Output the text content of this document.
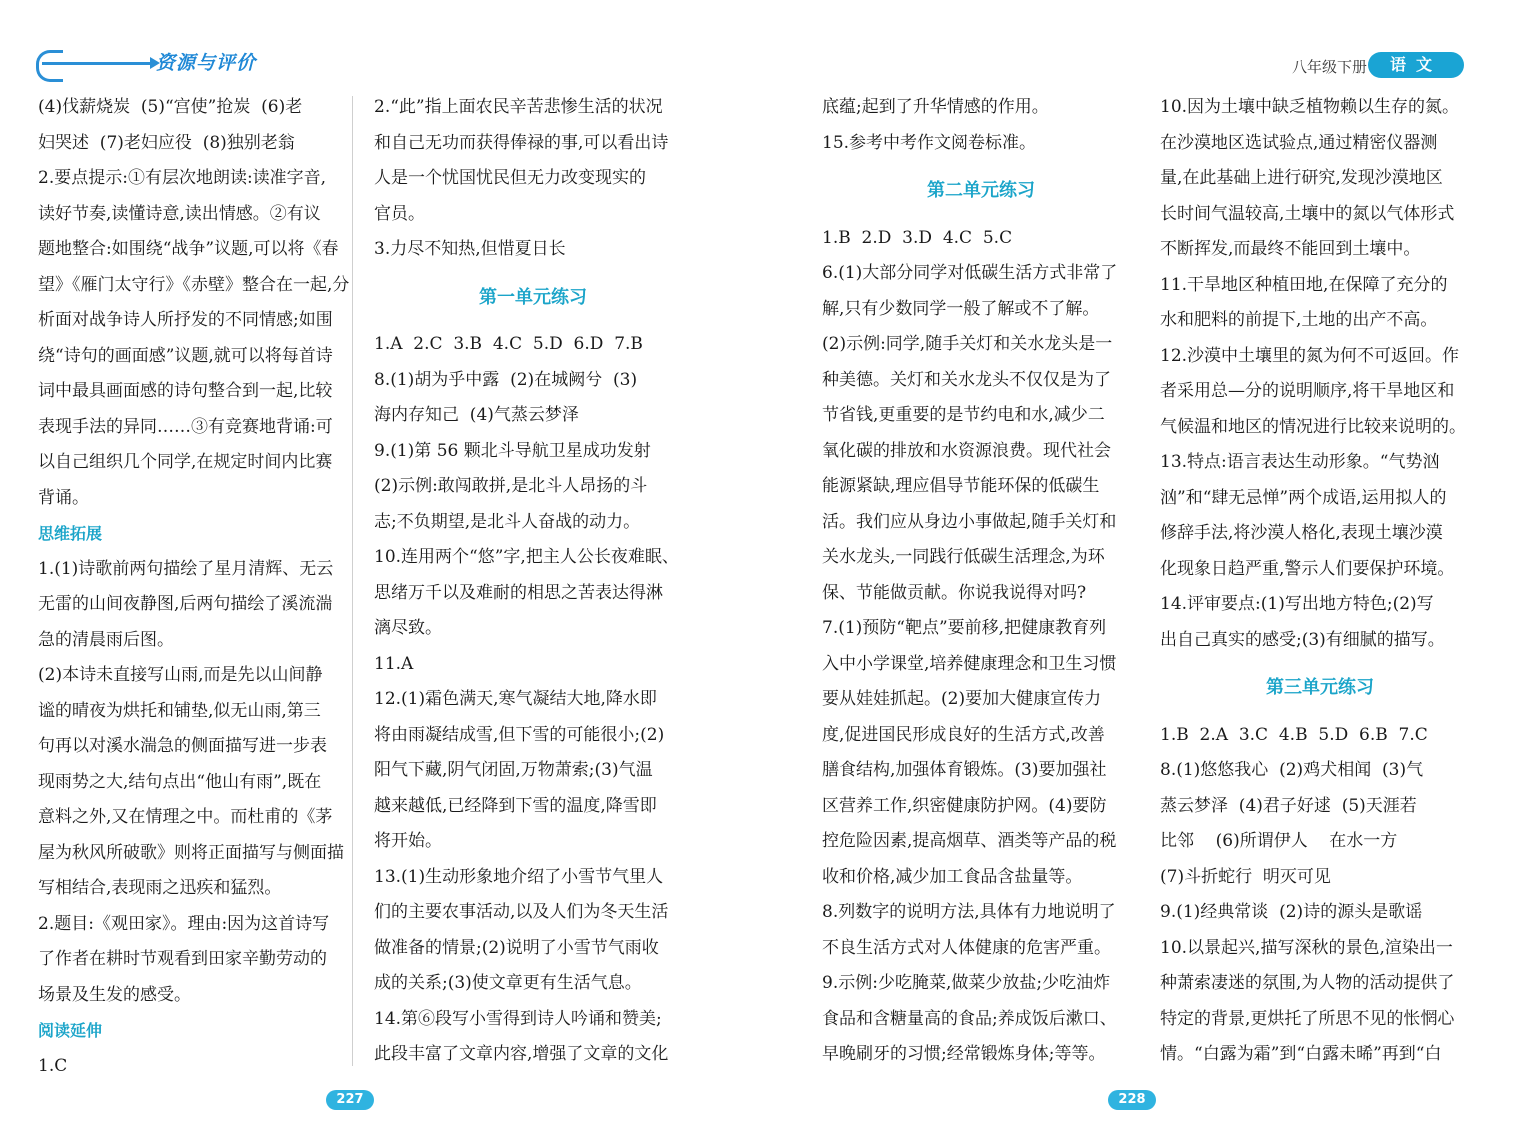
资源与评价	八年级下册	语文

(4)伐薪烧炭  (5)“宫使”抢炭  (6)老

妇哭述  (7)老妇应役  (8)独别老翁

2.要点提示:①有层次地朗读:读准字音,

读好节奏,读懂诗意,读出情感。②有议

题地整合:如围绕“战争”议题,可以将《春

望》《雁门太守行》《赤壁》整合在一起,分

析面对战争诗人所抒发的不同情感;如围

绕“诗句的画面感”议题,就可以将每首诗

词中最具画面感的诗句整合到一起,比较

表现手法的异同……③有竞赛地背诵:可

以自己组织几个同学,在规定时间内比赛

背诵。

思维拓展

1.(1)诗歌前两句描绘了星月清辉、无云

无雷的山间夜静图,后两句描绘了溪流湍

急的清晨雨后图。

(2)本诗未直接写山雨,而是先以山间静

谧的晴夜为烘托和铺垫,似无山雨,第三

句再以对溪水湍急的侧面描写进一步表

现雨势之大,结句点出“他山有雨”,既在

意料之外,又在情理之中。而杜甫的《茅

屋为秋风所破歌》则将正面描写与侧面描

写相结合,表现雨之迅疾和猛烈。

2.题目:《观田家》。理由:因为这首诗写

了作者在耕时节观看到田家辛勤劳动的

场景及生发的感受。

阅读延伸

1.C

2.“此”指上面农民辛苦悲惨生活的状况

和自己无功而获得俸禄的事,可以看出诗

人是一个忧国忧民但无力改变现实的

官员。

3.力尽不知热,但惜夏日长

第一单元练习

1.A  2.C  3.B  4.C  5.D  6.D  7.B

8.(1)胡为乎中露  (2)在城阙兮  (3)

海内存知己  (4)气蒸云梦泽

9.(1)第 56 颗北斗导航卫星成功发射

(2)示例:敢闯敢拼,是北斗人昂扬的斗

志;不负期望,是北斗人奋战的动力。

10.连用两个“悠”字,把主人公长夜难眠、

思绪万千以及难耐的相思之苦表达得淋

漓尽致。

11.A

12.(1)霜色满天,寒气凝结大地,降水即

将由雨凝结成雪,但下雪的可能很小;(2)

阳气下藏,阴气闭固,万物萧索;(3)气温

越来越低,已经降到下雪的温度,降雪即

将开始。

13.(1)生动形象地介绍了小雪节气里人

们的主要农事活动,以及人们为冬天生活

做准备的情景;(2)说明了小雪节气雨收

成的关系;(3)使文章更有生活气息。

14.第⑥段写小雪得到诗人吟诵和赞美;

此段丰富了文章内容,增强了文章的文化

底蕴;起到了升华情感的作用。

15.参考中考作文阅卷标准。

第二单元练习

1.B  2.D  3.D  4.C  5.C

6.(1)大部分同学对低碳生活方式非常了

解,只有少数同学一般了解或不了解。

(2)示例:同学,随手关灯和关水龙头是一

种美德。关灯和关水龙头不仅仅是为了

节省钱,更重要的是节约电和水,减少二

氧化碳的排放和水资源浪费。现代社会

能源紧缺,理应倡导节能环保的低碳生

活。我们应从身边小事做起,随手关灯和

关水龙头,一同践行低碳生活理念,为环

保、节能做贡献。你说我说得对吗?

7.(1)预防“靶点”要前移,把健康教育列

入中小学课堂,培养健康理念和卫生习惯

要从娃娃抓起。(2)要加大健康宣传力

度,促进国民形成良好的生活方式,改善

膳食结构,加强体育锻炼。(3)要加强社

区营养工作,织密健康防护网。(4)要防

控危险因素,提高烟草、酒类等产品的税

收和价格,减少加工食品含盐量等。

8.列数字的说明方法,具体有力地说明了

不良生活方式对人体健康的危害严重。

9.示例:少吃腌菜,做菜少放盐;少吃油炸

食品和含糖量高的食品;养成饭后漱口、

早晚刷牙的习惯;经常锻炼身体;等等。

10.因为土壤中缺乏植物赖以生存的氮。

在沙漠地区选试验点,通过精密仪器测

量,在此基础上进行研究,发现沙漠地区

长时间气温较高,土壤中的氮以气体形式

不断挥发,而最终不能回到土壤中。

11.干旱地区种植田地,在保障了充分的

水和肥料的前提下,土地的出产不高。

12.沙漠中土壤里的氮为何不可返回。作

者采用总—分的说明顺序,将干旱地区和

气候温和地区的情况进行比较来说明的。

13.特点:语言表达生动形象。“气势汹

汹”和“肆无忌惮”两个成语,运用拟人的

修辞手法,将沙漠人格化,表现土壤沙漠

化现象日趋严重,警示人们要保护环境。

14.评审要点:(1)写出地方特色;(2)写

出自己真实的感受;(3)有细腻的描写。

第三单元练习

1.B  2.A  3.C  4.B  5.D  6.B  7.C

8.(1)悠悠我心  (2)鸡犬相闻  (3)气

蒸云梦泽  (4)君子好逑  (5)天涯若

比邻    (6)所谓伊人    在水一方

(7)斗折蛇行  明灭可见

9.(1)经典常谈  (2)诗的源头是歌谣

10.以景起兴,描写深秋的景色,渲染出一

种萧索凄迷的氛围,为人物的活动提供了

特定的背景,更烘托了所思不见的怅惘心

情。“白露为霜”到“白露未晞”再到“白

227	228
